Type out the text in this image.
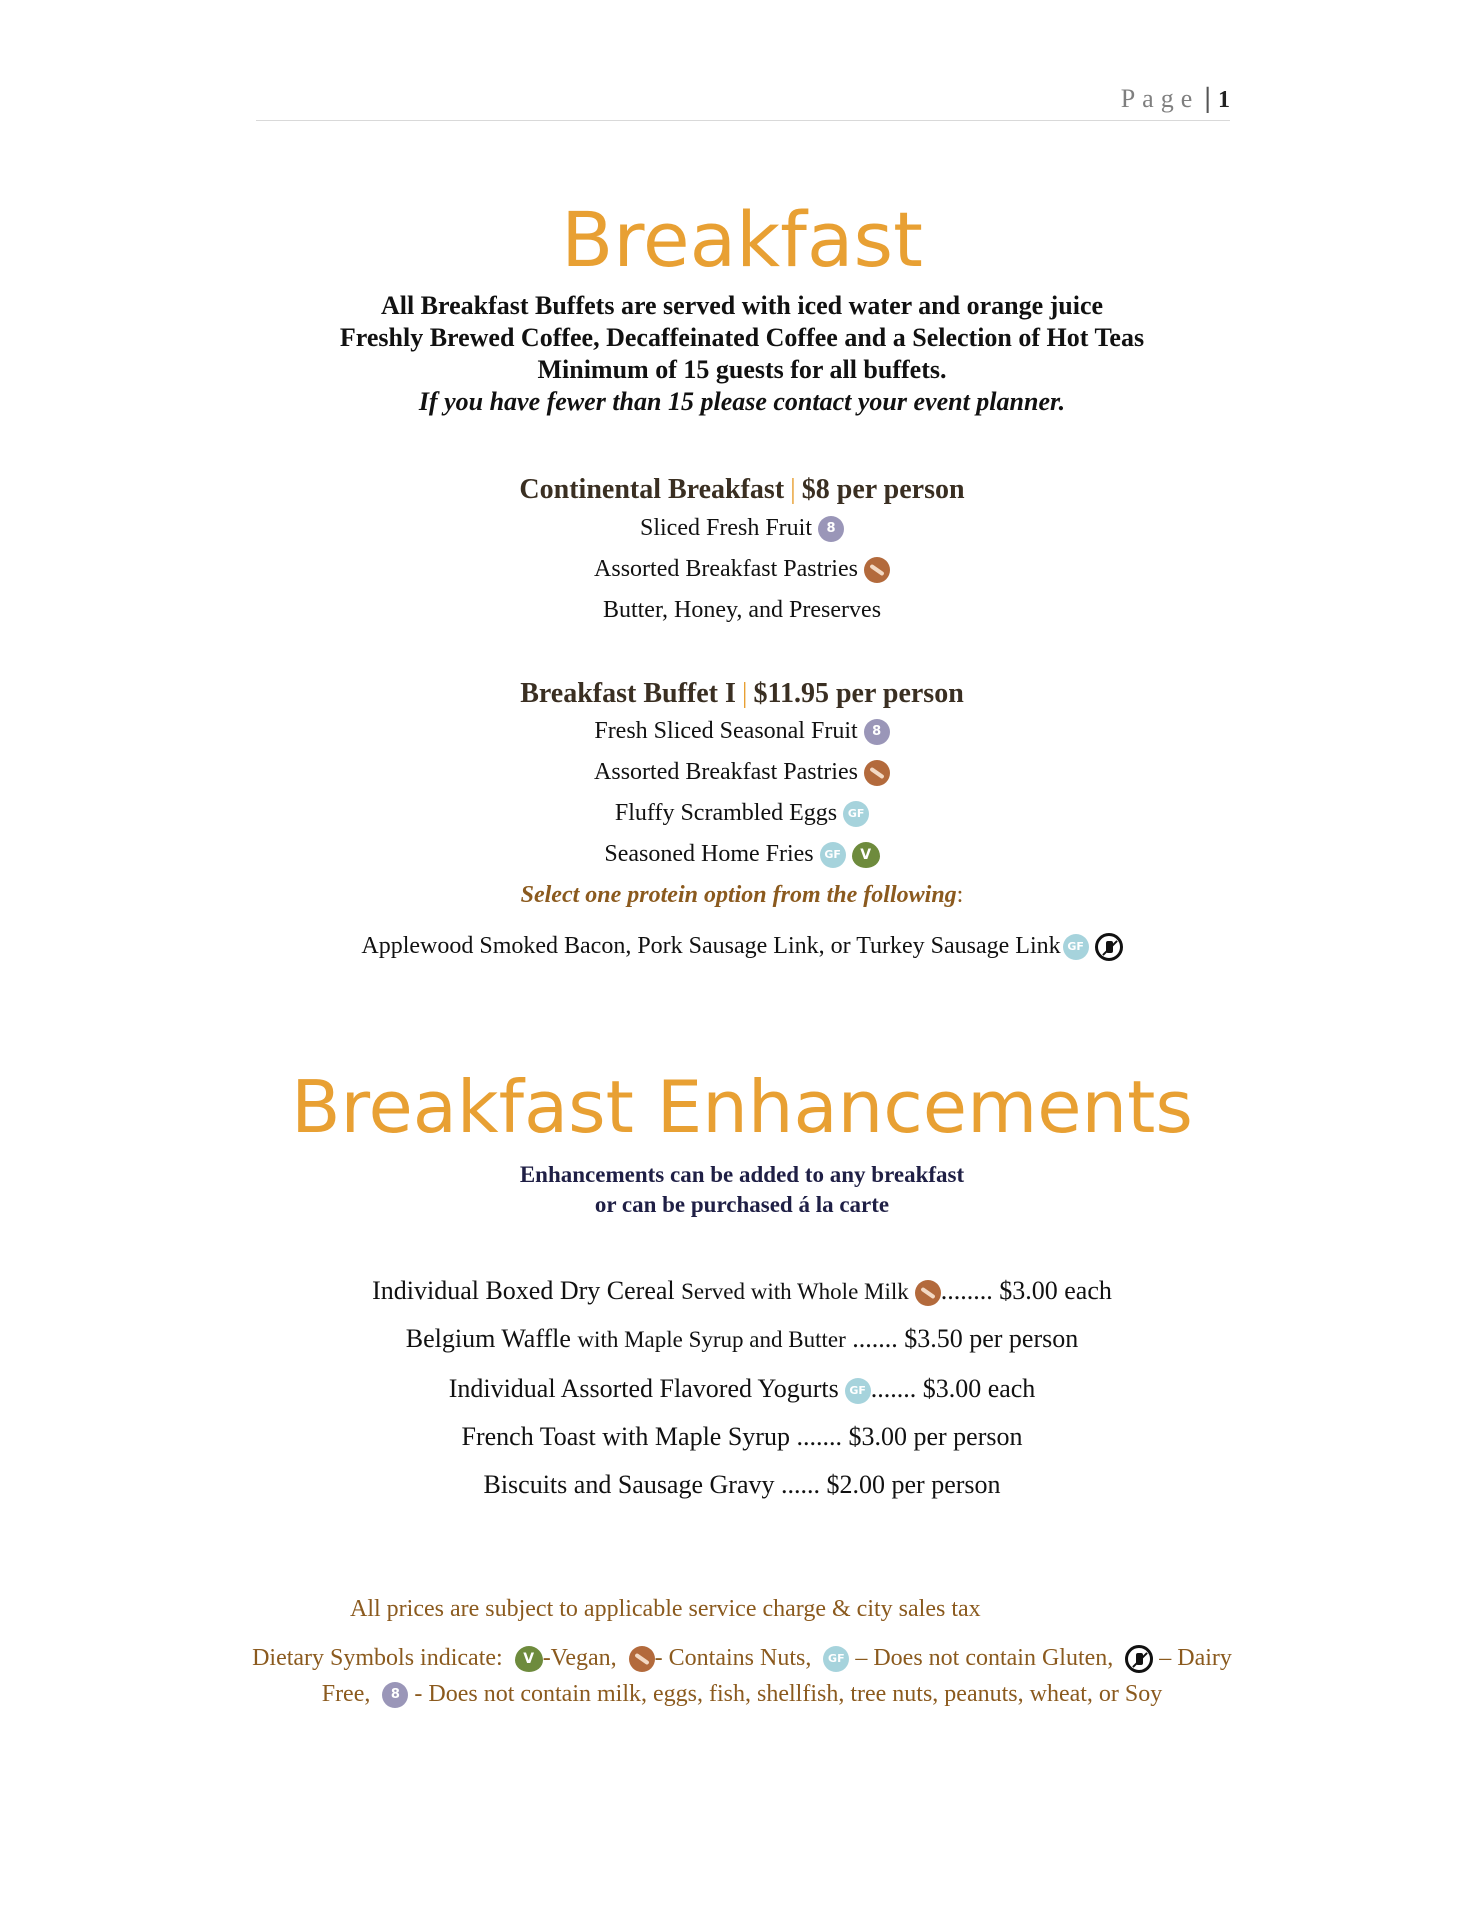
Page | 1
Breakfast
All Breakfast Buffets are served with iced water and orange juice
Freshly Brewed Coffee, Decaffeinated Coffee and a Selection of Hot Teas
Minimum of 15 guests for all buffets.
If you have fewer than 15 please contact your event planner.
Continental Breakfast | $8 per person
Sliced Fresh Fruit 8
Assorted Breakfast Pastries
Butter, Honey, and Preserves
Breakfast Buffet I | $11.95 per person
Fresh Sliced Seasonal Fruit 8
Assorted Breakfast Pastries
Fluffy Scrambled Eggs GF
Seasoned Home Fries GF V
Select one protein option from the following:
Applewood Smoked Bacon, Pork Sausage Link, or Turkey Sausage Link GF
Breakfast Enhancements
Enhancements can be added to any breakfast
or can be purchased á la carte
Individual Boxed Dry Cereal Served with Whole Milk ........ $3.00 each
Belgium Waffle with Maple Syrup and Butter ....... $3.50 per person
Individual Assorted Flavored Yogurts GF ....... $3.00 each
French Toast with Maple Syrup ....... $3.00 per person
Biscuits and Sausage Gravy ...... $2.00 per person
All prices are subject to applicable service charge & city sales tax
Dietary Symbols indicate: V -Vegan, - Contains Nuts, GF – Does not contain Gluten, – Dairy
Free, 8 - Does not contain milk, eggs, fish, shellfish, tree nuts, peanuts, wheat, or Soy
